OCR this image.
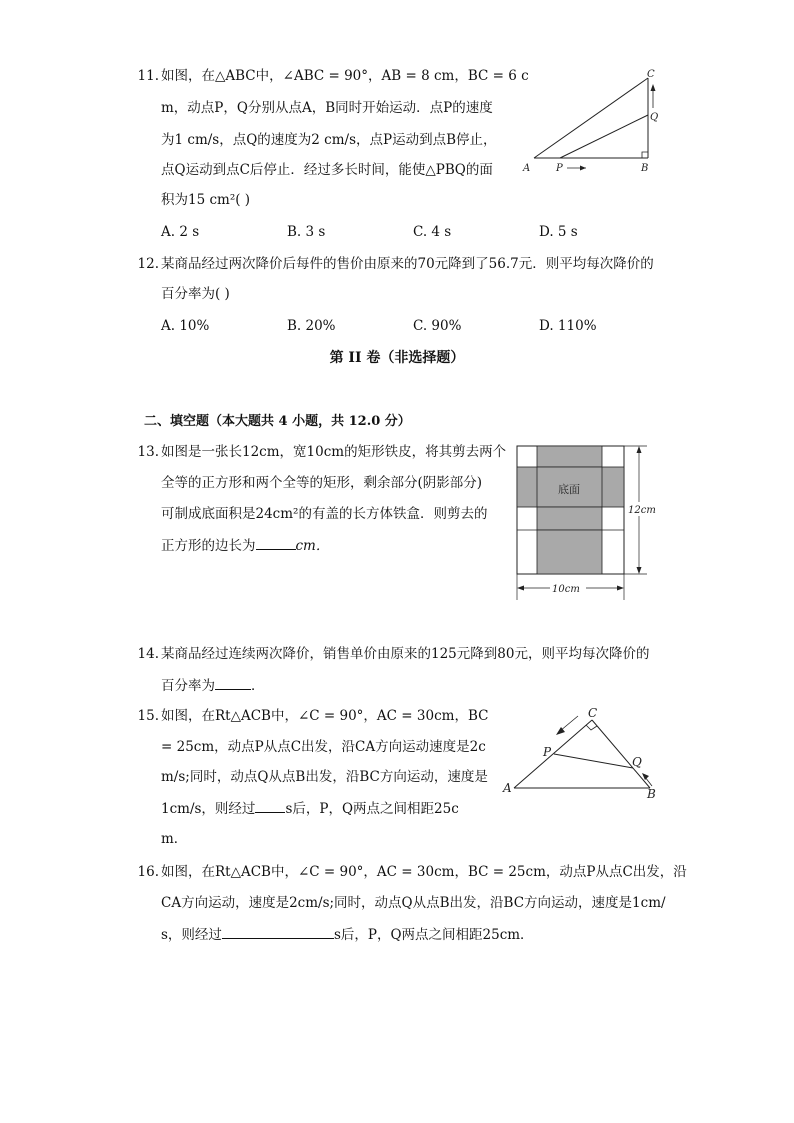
11. 如图，在△ABC中，∠ABC = 90°，AB = 8 cm，BC = 6 c
m，动点P，Q分别从点A，B同时开始运动．点P的速度
为1 cm/s，点Q的速度为2 cm/s，点P运动到点B停止，
点Q运动到点C后停止．经过多长时间，能使△PBQ的面
积为15 cm²( )
A. 2 s	B. 3 s	C. 4 s	D. 5 s
A	P	B
C
Q
12. 某商品经过两次降价后每件的售价由原来的70元降到了56.7元．则平均每次降价的
百分率为( )
A. 10%	B. 20%	C. 90%	D. 110%
第 II 卷（非选择题）
二、填空题（本大题共 4 小题，共 12.0 分）
13. 如图是一张长12cm，宽10cm的矩形铁皮，将其剪去两个
全等的正方形和两个全等的矩形，剩余部分(阴影部分)
可制成底面积是24cm²的有盖的长方体铁盒．则剪去的
正方形的边长为	cm．
底面
12cm
10cm
14. 某商品经过连续两次降价，销售单价由原来的125元降到80元，则平均每次降价的
百分率为	．
15. 如图，在Rt△ACB中，∠C = 90°，AC = 30cm，BC
= 25cm，动点P从点C出发，沿CA方向运动速度是2c
m/s;同时，动点Q从点B出发，沿BC方向运动，速度是
1cm/s，则经过 s后，P，Q两点之间相距25c
m．
A
P
C
Q
B
16. 如图，在Rt△ACB中，∠C = 90°，AC = 30cm，BC = 25cm，动点P从点C出发，沿
CA方向运动，速度是2cm/s;同时，动点Q从点B出发，沿BC方向运动，速度是1cm/
s，则经过	s后，P，Q两点之间相距25cm．
